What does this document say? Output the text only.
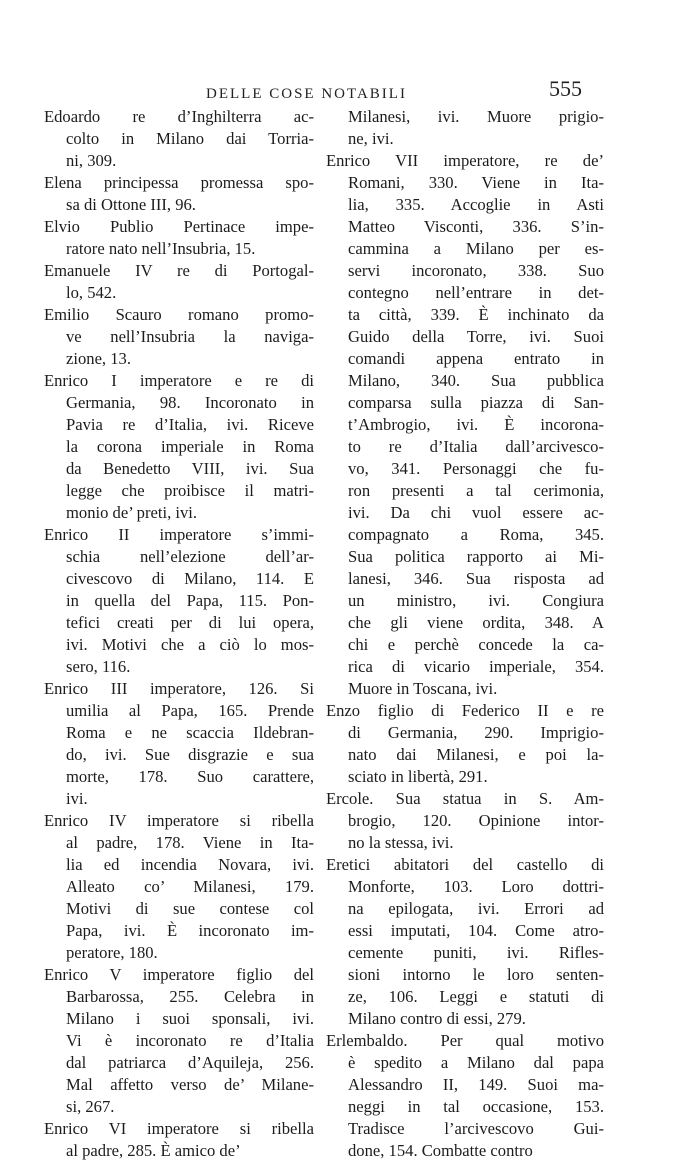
DELLE COSE NOTABILI	555
Edoardo re d’Inghilterra ac-
colto in Milano dai Torria-
ni, 309.
Elena principessa promessa spo-
sa di Ottone III, 96.
Elvio Publio Pertinace impe-
ratore nato nell’Insubria, 15.
Emanuele IV re di Portogal-
lo, 542.
Emilio Scauro romano promo-
ve nell’Insubria la naviga-
zione, 13.
Enrico I imperatore e re di
Germania, 98. Incoronato in
Pavia re d’Italia, ivi. Riceve
la corona imperiale in Roma
da Benedetto VIII, ivi. Sua
legge che proibisce il matri-
monio de’ preti, ivi.
Enrico II imperatore s’immi-
schia nell’elezione dell’ar-
civescovo di Milano, 114. E
in quella del Papa, 115. Pon-
tefici creati per di lui opera,
ivi. Motivi che a ciò lo mos-
sero, 116.
Enrico III imperatore, 126. Si
umilia al Papa, 165. Prende
Roma e ne scaccia Ildebran-
do, ivi. Sue disgrazie e sua
morte, 178. Suo carattere,
ivi.
Enrico IV imperatore si ribella
al padre, 178. Viene in Ita-
lia ed incendia Novara, ivi.
Alleato co’ Milanesi, 179.
Motivi di sue contese col
Papa, ivi. È incoronato im-
peratore, 180.
Enrico V imperatore figlio del
Barbarossa, 255. Celebra in
Milano i suoi sponsali, ivi.
Vi è incoronato re d’Italia
dal patriarca d’Aquileja, 256.
Mal affetto verso de’ Milane-
si, 267.
Enrico VI imperatore si ribella
al padre, 285. È amico de’
Milanesi, ivi. Muore prigio-
ne, ivi.
Enrico VII imperatore, re de’
Romani, 330. Viene in Ita-
lia, 335. Accoglie in Asti
Matteo Visconti, 336. S’in-
cammina a Milano per es-
servi incoronato, 338. Suo
contegno nell’entrare in det-
ta città, 339. È inchinato da
Guido della Torre, ivi. Suoi
comandi appena entrato in
Milano, 340. Sua pubblica
comparsa sulla piazza di San-
t’Ambrogio, ivi. È incorona-
to re d’Italia dall’arcivesco-
vo, 341. Personaggi che fu-
ron presenti a tal cerimonia,
ivi. Da chi vuol essere ac-
compagnato a Roma, 345.
Sua politica rapporto ai Mi-
lanesi, 346. Sua risposta ad
un ministro, ivi. Congiura
che gli viene ordita, 348. A
chi e perchè concede la ca-
rica di vicario imperiale, 354.
Muore in Toscana, ivi.
Enzo figlio di Federico II e re
di Germania, 290. Imprigio-
nato dai Milanesi, e poi la-
sciato in libertà, 291.
Ercole. Sua statua in S. Am-
brogio, 120. Opinione intor-
no la stessa, ivi.
Eretici abitatori del castello di
Monforte, 103. Loro dottri-
na epilogata, ivi. Errori ad
essi imputati, 104. Come atro-
cemente puniti, ivi. Rifles-
sioni intorno le loro senten-
ze, 106. Leggi e statuti di
Milano contro di essi, 279.
Erlembaldo. Per qual motivo
è spedito a Milano dal papa
Alessandro II, 149. Suoi ma-
neggi in tal occasione, 153.
Tradisce l’arcivescovo Gui-
done, 154. Combatte contro
